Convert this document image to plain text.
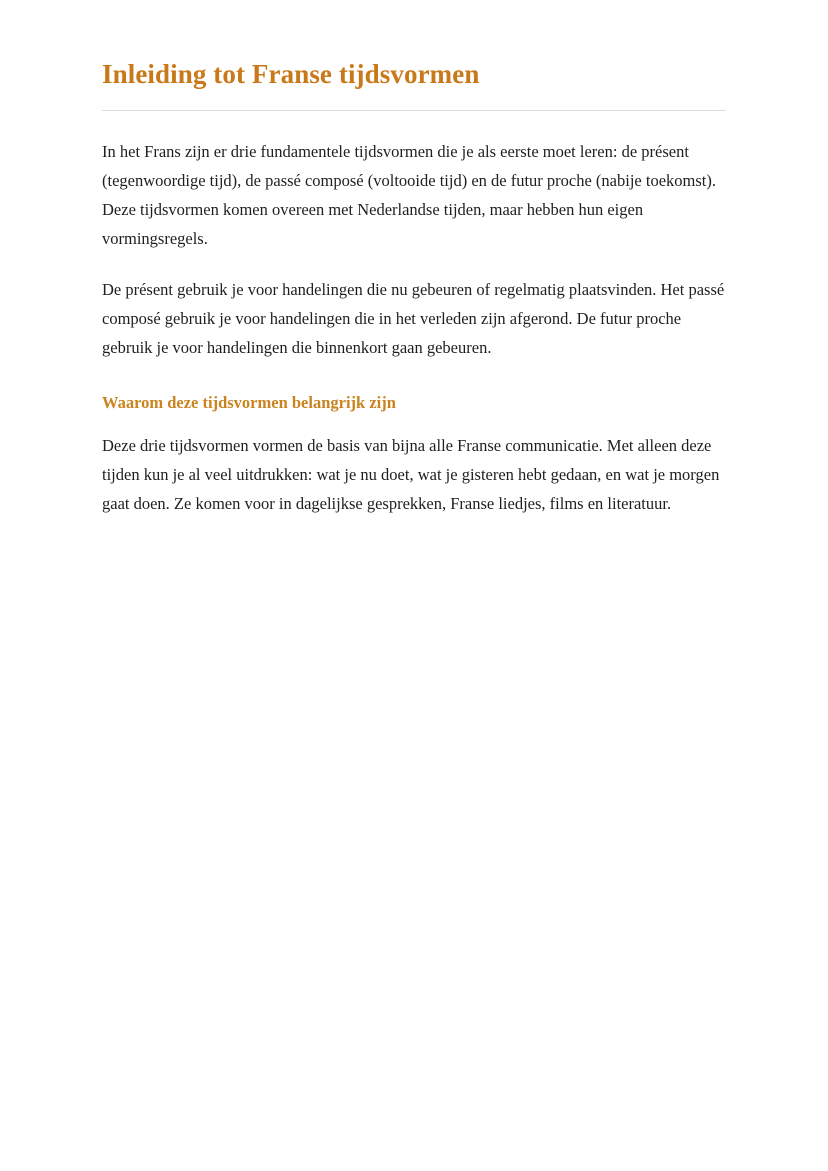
Inleiding tot Franse tijdsvormen

In het Frans zijn er drie fundamentele tijdsvormen die je als eerste moet leren: de présent (tegenwoordige tijd), de passé composé (voltooide tijd) en de futur proche (nabije toekomst). Deze tijdsvormen komen overeen met Nederlandse tijden, maar hebben hun eigen vormingsregels.

De présent gebruik je voor handelingen die nu gebeuren of regelmatig plaatsvinden. Het passé composé gebruik je voor handelingen die in het verleden zijn afgerond. De futur proche gebruik je voor handelingen die binnenkort gaan gebeuren.

Waarom deze tijdsvormen belangrijk zijn

Deze drie tijdsvormen vormen de basis van bijna alle Franse communicatie. Met alleen deze tijden kun je al veel uitdrukken: wat je nu doet, wat je gisteren hebt gedaan, en wat je morgen gaat doen. Ze komen voor in dagelijkse gesprekken, Franse liedjes, films en literatuur.
